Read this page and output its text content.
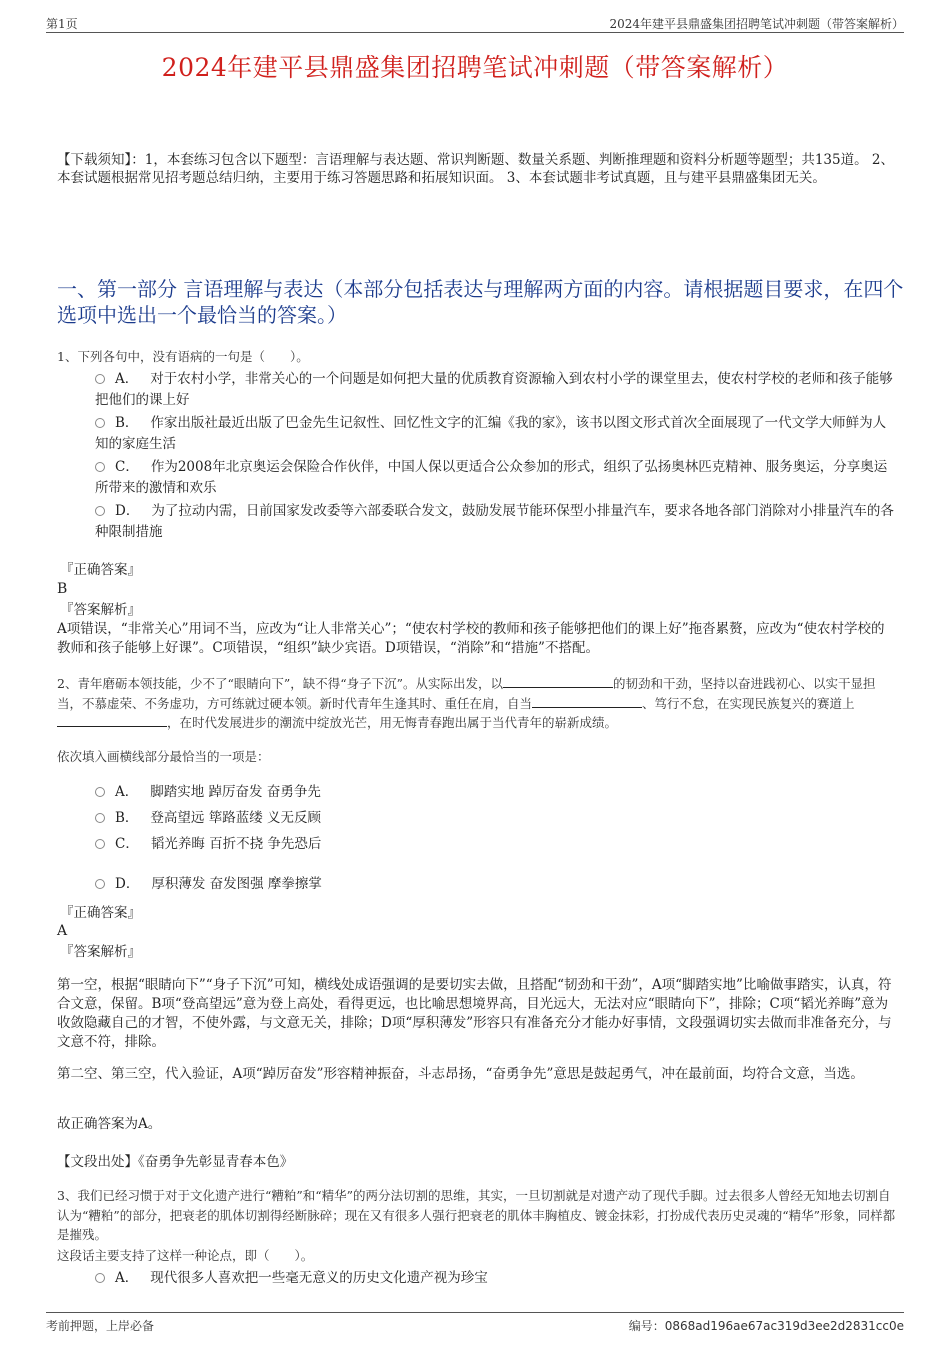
第1页	2024年建平县鼎盛集团招聘笔试冲刺题（带答案解析）
2024年建平县鼎盛集团招聘笔试冲刺题（带答案解析）
【下载须知】：1，本套练习包含以下题型：言语理解与表达题、常识判断题、数量关系题、判断推理题和资料分析题等题型；共135道。 2、本套试题根据常见招考题总结归纳，主要用于练习答题思路和拓展知识面。 3、本套试题非考试真题，且与建平县鼎盛集团无关。
一、第一部分 言语理解与表达（本部分包括表达与理解两方面的内容。请根据题目要求，在四个选项中选出一个最恰当的答案。）
1、下列各句中，没有语病的一句是（　　）。
A． 对于农村小学，非常关心的一个问题是如何把大量的优质教育资源输入到农村小学的课堂里去，使农村学校的老师和孩子能够把他们的课上好
B． 作家出版社最近出版了巴金先生记叙性、回忆性文字的汇编《我的家》，该书以图文形式首次全面展现了一代文学大师鲜为人知的家庭生活
C． 作为2008年北京奥运会保险合作伙伴，中国人保以更适合公众参加的形式，组织了弘扬奥林匹克精神、服务奥运，分享奥运所带来的激情和欢乐
D． 为了拉动内需，日前国家发改委等六部委联合发文，鼓励发展节能环保型小排量汽车，要求各地各部门消除对小排量汽车的各种限制措施
『正确答案』
B
『答案解析』
A项错误，“非常关心”用词不当，应改为“让人非常关心”；“使农村学校的教师和孩子能够把他们的课上好”拖沓累赘，应改为“使农村学校的教师和孩子能够上好课”。C项错误，“组织”缺少宾语。D项错误，“消除”和“措施”不搭配。
2、青年磨砺本领技能，少不了“眼睛向下”，缺不得“身子下沉”。从实际出发，以	的韧劲和干劲，坚持以奋进践初心、以实干显担当，不慕虚荣、不务虚功，方可练就过硬本领。新时代青年生逢其时、重任在肩，自当	、笃行不怠，在实现民族复兴的赛道上，在时代发展进步的潮流中绽放光芒，用无悔青春跑出属于当代青年的崭新成绩。
依次填入画横线部分最恰当的一项是：
A． 脚踏实地 踔厉奋发 奋勇争先
B． 登高望远 筚路蓝缕 义无反顾
C． 韬光养晦 百折不挠 争先恐后
D． 厚积薄发 奋发图强 摩拳擦掌
『正确答案』
A
『答案解析』
第一空，根据“眼睛向下”“身子下沉”可知，横线处成语强调的是要切实去做，且搭配“韧劲和干劲”，A项“脚踏实地”比喻做事踏实，认真，符合文意，保留。B项“登高望远”意为登上高处，看得更远，也比喻思想境界高，目光远大，无法对应“眼睛向下”，排除；C项“韬光养晦”意为收敛隐藏自己的才智，不使外露，与文意无关，排除；D项“厚积薄发”形容只有准备充分才能办好事情，文段强调切实去做而非准备充分，与文意不符，排除。
第二空、第三空，代入验证，A项“踔厉奋发”形容精神振奋，斗志昂扬，“奋勇争先”意思是鼓起勇气，冲在最前面，均符合文意，当选。
故正确答案为A。
【文段出处】《奋勇争先彰显青春本色》
3、我们已经习惯于对于文化遗产进行“糟粕”和“精华”的两分法切割的思维，其实，一旦切割就是对遗产动了现代手脚。过去很多人曾经无知地去切割自认为“糟粕”的部分，把衰老的肌体切割得经断脉碎；现在又有很多人强行把衰老的肌体丰胸植皮、镀金抹彩，打扮成代表历史灵魂的“精华”形象，同样都是摧残。
这段话主要支持了这样一种论点，即（　　）。
A． 现代很多人喜欢把一些毫无意义的历史文化遗产视为珍宝
考前押题，上岸必备	编号：0868ad196ae67ac319d3ee2d2831cc0e
